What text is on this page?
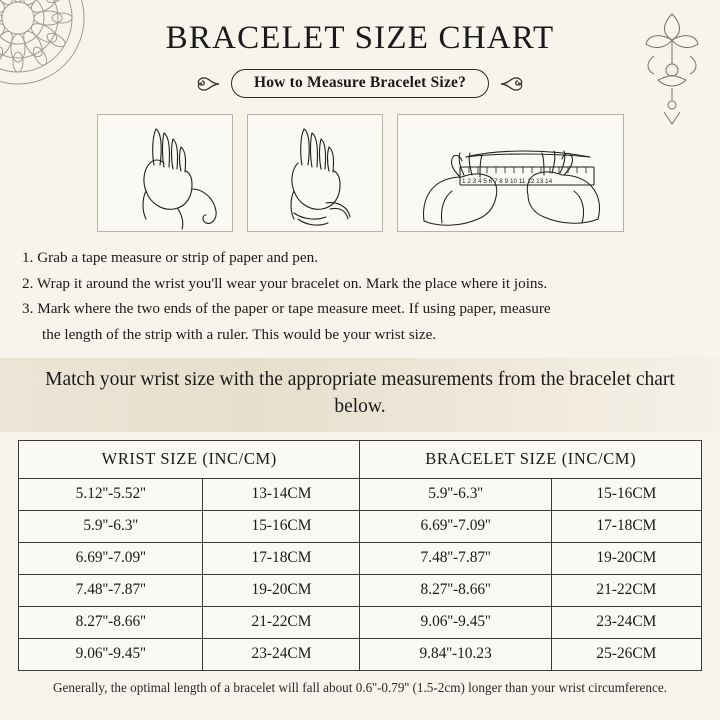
BRACELET SIZE CHART
How to Measure Bracelet Size?
1 2 3 4 5 6 7 8 9 10 11 12 13 14
1. Grab a tape measure or strip of paper and pen.
2. Wrap it around the wrist you'll wear your bracelet on. Mark the place where it joins.
3. Mark where the two ends of the paper or tape measure meet. If using paper, measure
the length of the strip with a ruler. This would be your wrist size.
Match your wrist size with the appropriate measurements from the bracelet chart below.
WRIST SIZE (INC/CM)		BRACELET SIZE (INC/CM)	
5.12''-5.52''	13-14CM	5.9''-6.3''	15-16CM
5.9''-6.3''	15-16CM	6.69''-7.09''	17-18CM
6.69''-7.09''	17-18CM	7.48''-7.87''	19-20CM
7.48''-7.87''	19-20CM	8.27''-8.66''	21-22CM
8.27''-8.66''	21-22CM	9.06''-9.45''	23-24CM
9.06''-9.45''	23-24CM	9.84''-10.23	25-26CM
Generally, the optimal length of a bracelet will fall about 0.6''-0.79'' (1.5-2cm) longer than your wrist circumference.
